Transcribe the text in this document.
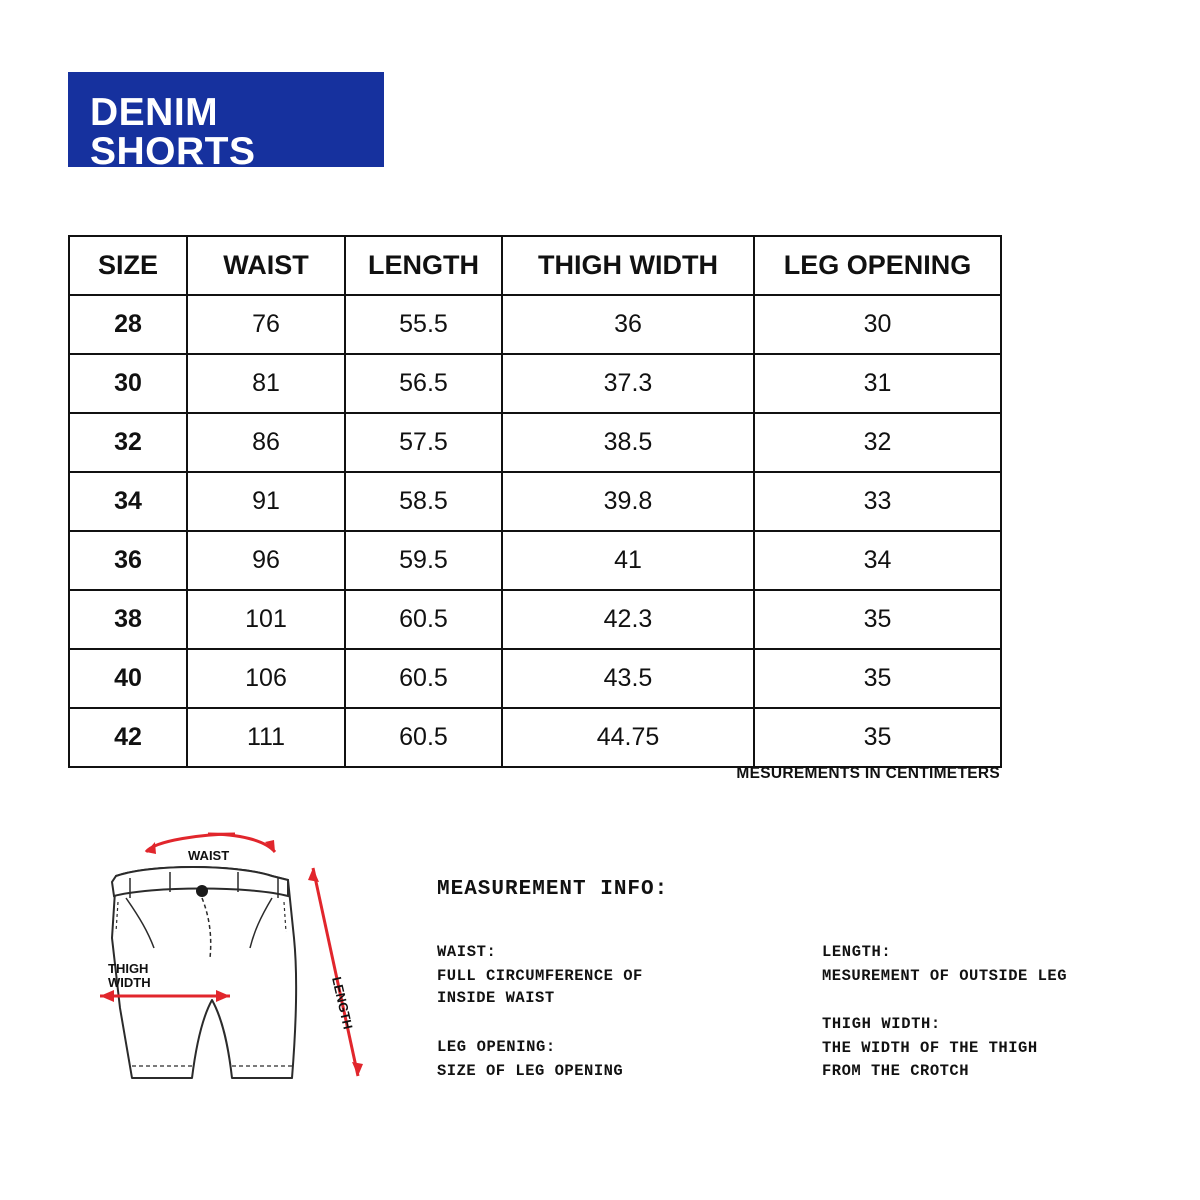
DENIM SHORTS
CLASSIC BAGGY FIT SHORTS
SIZE	WAIST	LENGTH	THIGH WIDTH	LEG OPENING
28	76	55.5	36	30
30	81	56.5	37.3	31
32	86	57.5	38.5	32
34	91	58.5	39.8	33
36	96	59.5	41	34
38	101	60.5	42.3	35
40	106	60.5	43.5	35
42	111	60.5	44.75	35
MESUREMENTS IN CENTIMETERS
WAIST
LENGTH
THIGH
WIDTH
MEASUREMENT INFO:
WAIST:
FULL CIRCUMFERENCE OF
INSIDE WAIST
LEG OPENING:
SIZE OF LEG OPENING
LENGTH:
MESUREMENT OF OUTSIDE LEG
THIGH WIDTH:
THE WIDTH OF THE THIGH
FROM THE CROTCH
